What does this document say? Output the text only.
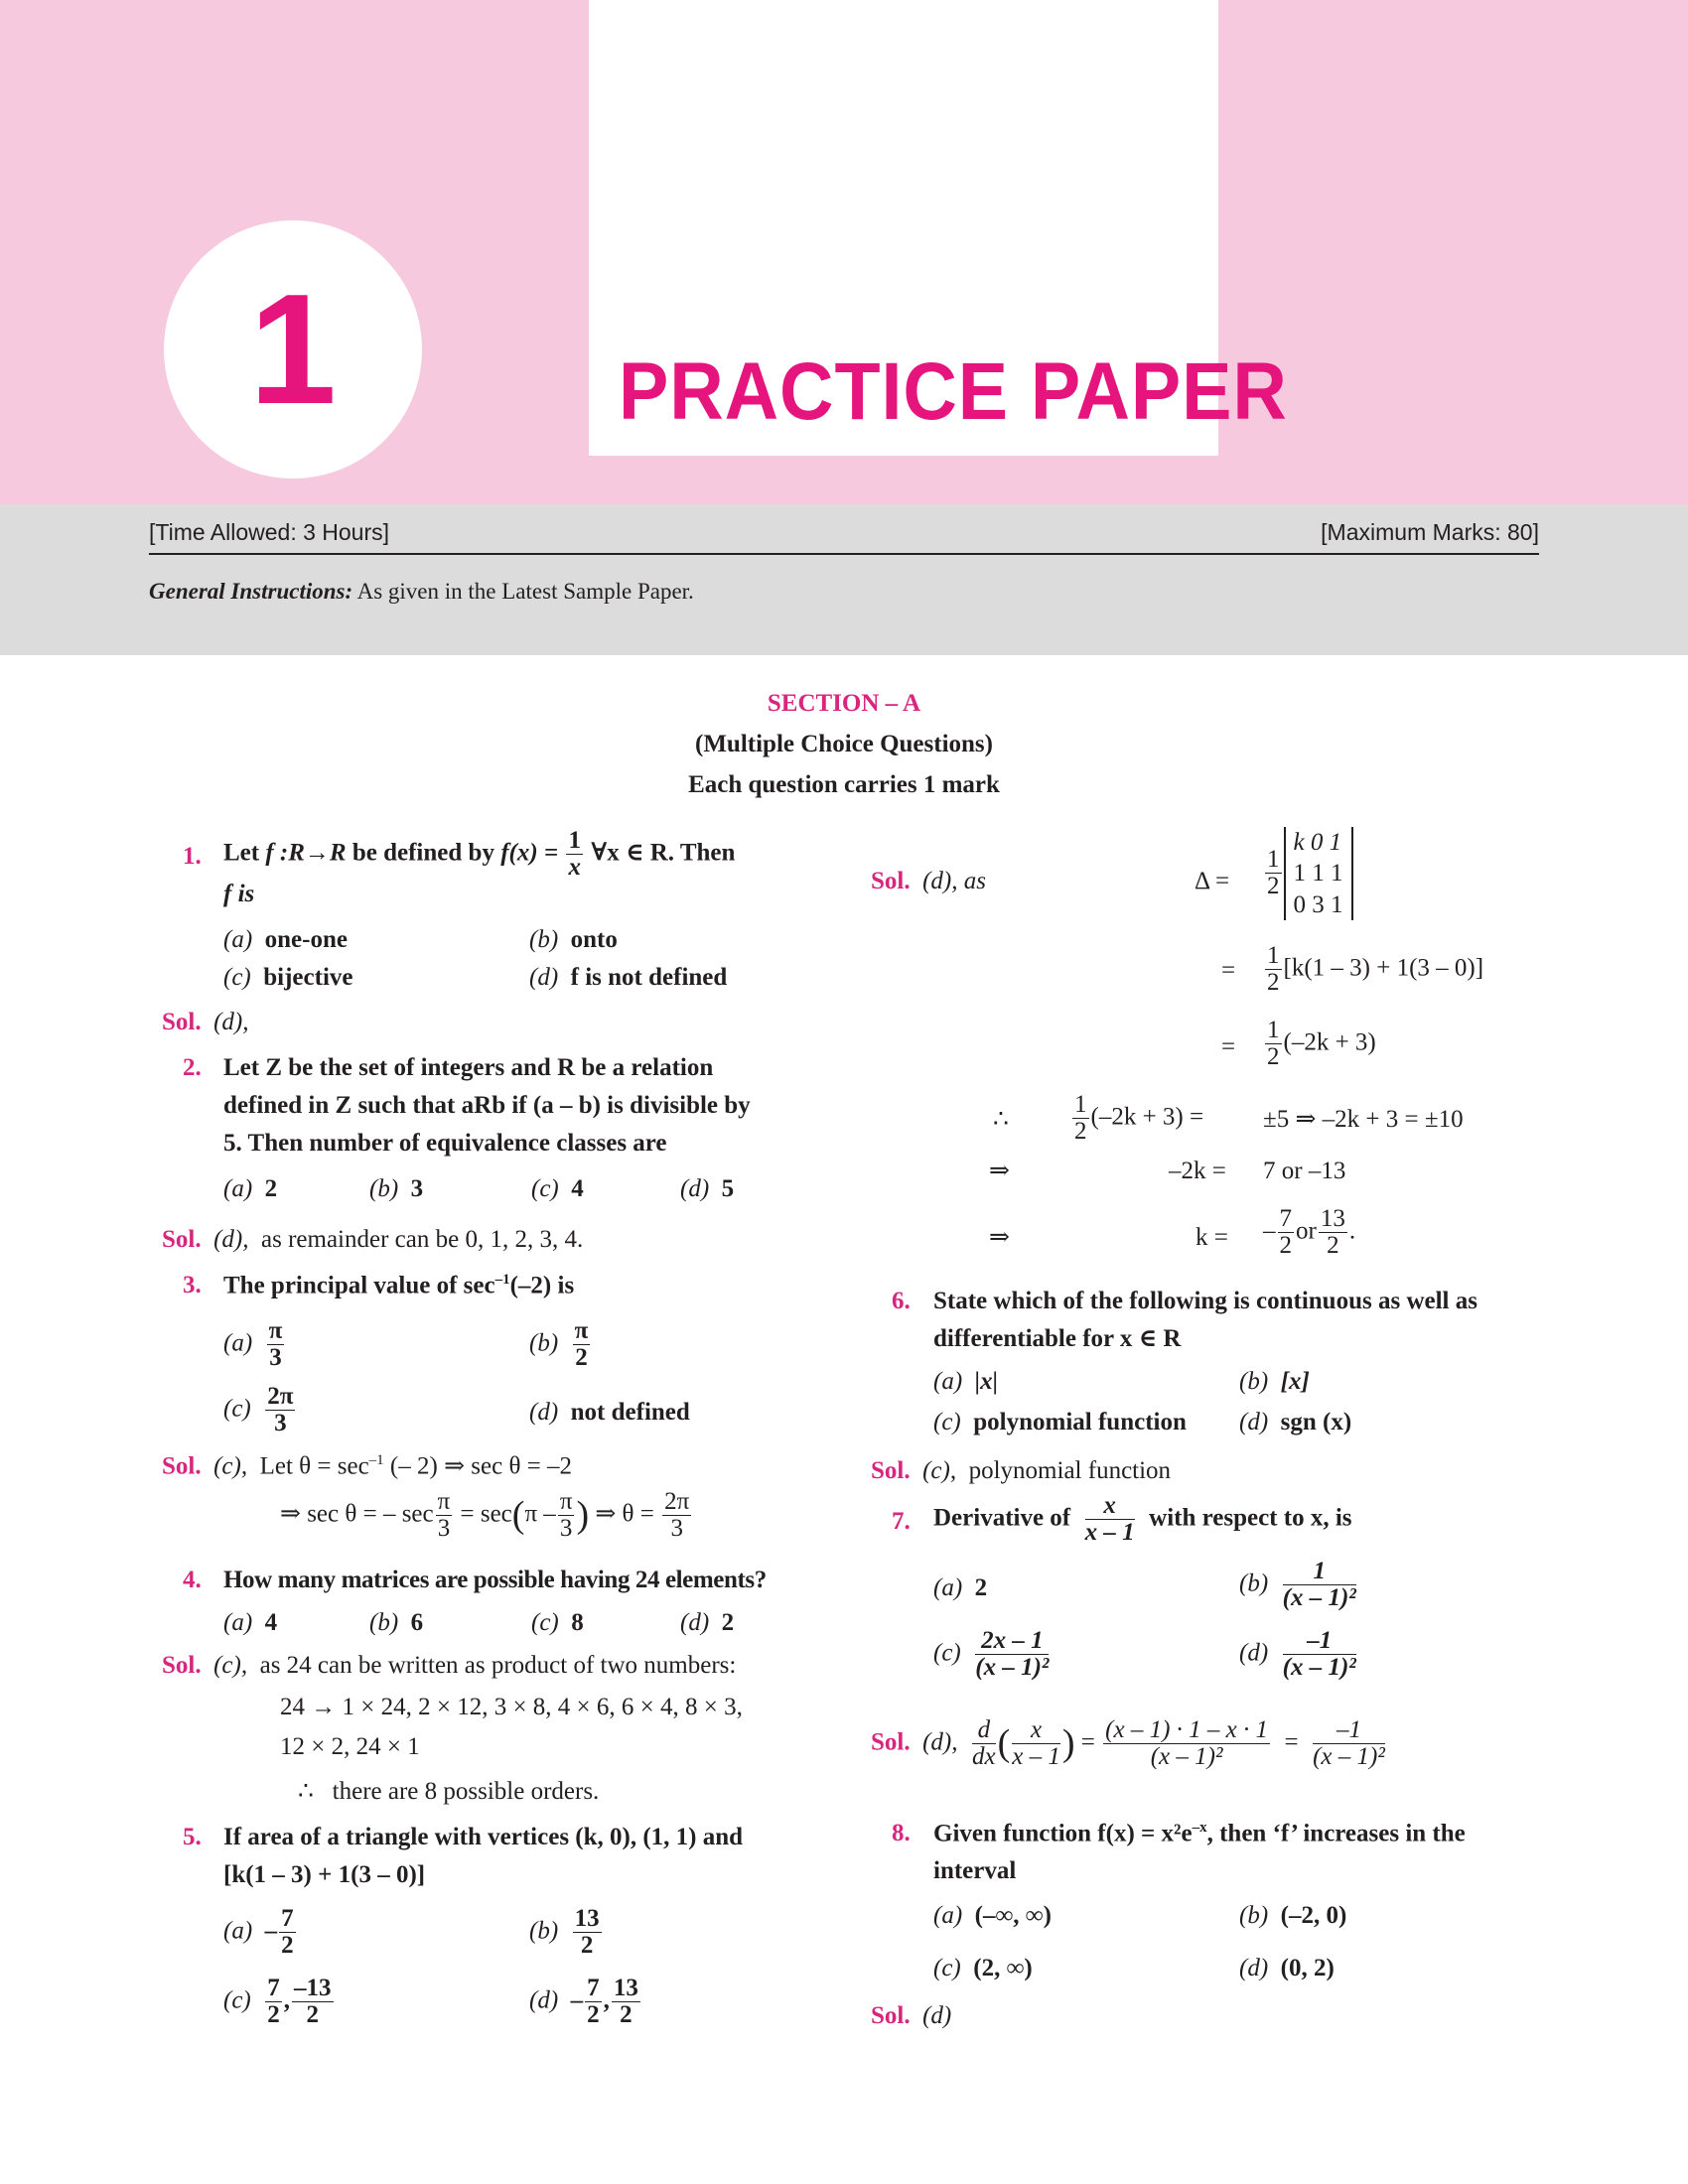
1	PRACTICE PAPER
[Time Allowed: 3 Hours]	[Maximum Marks: 80]
General Instructions: As given in the Latest Sample Paper.
SECTION – A
(Multiple Choice Questions)
Each question carries 1 mark
1. Let f :R→R be defined by $f(x) = \frac{1}{x}$ ∀x ∈ R. Then
f is
(a) one-one	(b) onto
(c) bijective	(d) f is not defined
Sol. (d),
2. Let Z be the set of integers and R be a relation
defined in Z such that aRb if (a – b) is divisible by
5. Then number of equivalence classes are
(a) 2	(b) 3	(c) 4	(d) 5
Sol. (d), as remainder can be 0, 1, 2, 3, 4.
3. The principal value of $\sec^{-1}(-2)$ is
$(a) \frac{\pi}{3}$	$(b) \frac{\pi}{2}$
$(c) \frac{2\pi}{3}$	(d) not defined
Sol. (c), Let $\theta = \sec^{-1}$ (– 2) ⇒ sec θ = –2
⇒ sec θ = – $\sec \frac{\pi}{3} = \sec(\pi - \frac{\pi}{3}$ ) ⇒ $\theta = \frac{2\pi}{3}$
4. How many matrices are possible having 24 elements?
(a) 4	(b) 6	(c) 8	(d) 2
Sol. (c), as 24 can be written as product of two numbers:
24 → 1 × 24, 2 × 12, 3 × 8, 4 × 6, 6 × 4, 8 × 3,
12 × 2, 24 × 1
∴ there are 8 possible orders.
5. If area of a triangle with vertices (k, 0), (1, 1) and
[k(1 – 3) + 1(3 – 0)]
$(a) - \frac{7}{2}$	$(b) \frac{13}{2}$
$(c) \frac{7}{2}$ , $\frac{-13}{2}$	$(d) - \frac{7}{2}$ , $\frac{13}{2}$
Sol. (d), as	$\Delta = \frac{1}{2}$
k 0 1
1 1 1
0 3 1
= $\frac{1}{2} [k(1 - 3) + 1(3 - 0)]$
= $\frac{1}{2} (-2k + 3)$
∴	$\frac{1}{2} (-2k + 3) = \pm 5$ ⇒ –2k + 3 = ±10
⇒	–2k = 7 or –13
⇒	k = – $\frac{7}{2}$ or $\frac{13}{2}$ .
6. State which of the following is continuous as well as
differentiable for x ∈ R
(a) |x|	(b) [x]
(c) polynomial function (d) sgn (x)
Sol. (c), polynomial function
7. Derivative of $\frac{x}{x - 1}$ with respect to x, is
(a) 2	$(b) \frac{1}{\text{(x – 1)²}}$
$(c) \frac{2x - 1}{\text{(x – 1)²}}$	$(d) \frac{-1}{\text{(x – 1)²}}$
Sol. (d), $\frac{d}{dx}$ ( $\frac{x}{x - 1}$ ) = $\frac{(x - 1) \cdot 1 - x \cdot 1}{\text{(x – 1)²}} = \frac{-1}{\text{(x – 1)²}}$
8. Given function $f(x) = x^2e^{-x}$, then ‘f’ increases in the
interval
(a) (–∞, ∞)	(b) (–2, 0)
(c) (2, ∞)	(d) (0, 2)
Sol. (d)
